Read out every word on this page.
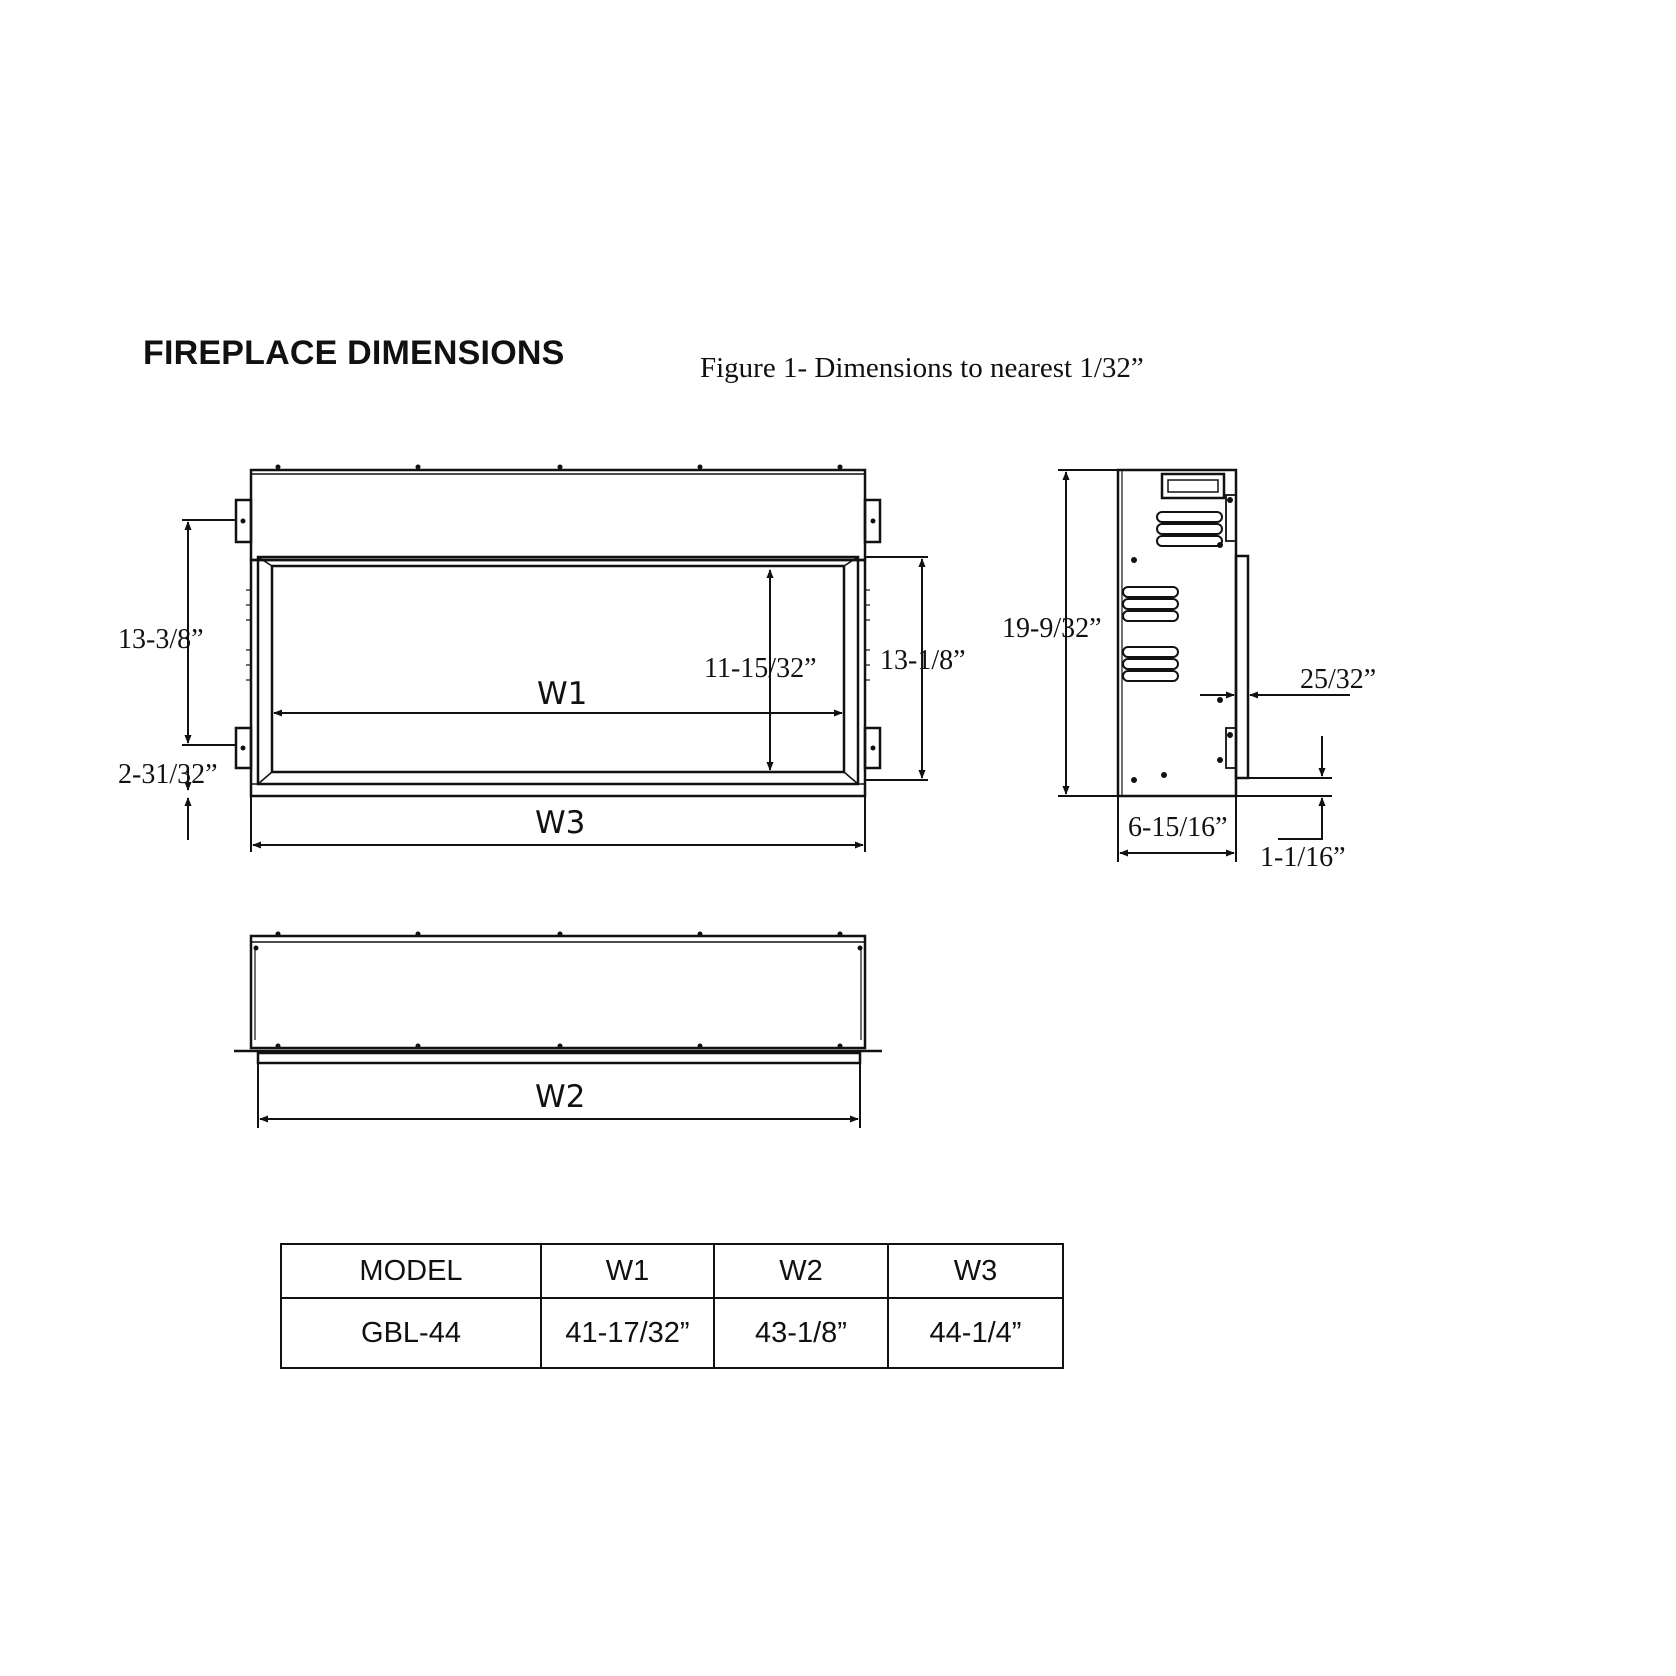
FIREPLACE DIMENSIONS	Figure 1- Dimensions to nearest 1/32”
13-3/8”
2-31/32”
11-15/32” 13-1/8”
W1
W3
W2
19-9/32”
25/32”
6-15/16”
1-1/16”
MODEL	W1	W2	W3
GBL-44	41-17/32”	43-1/8”	44-1/4”
